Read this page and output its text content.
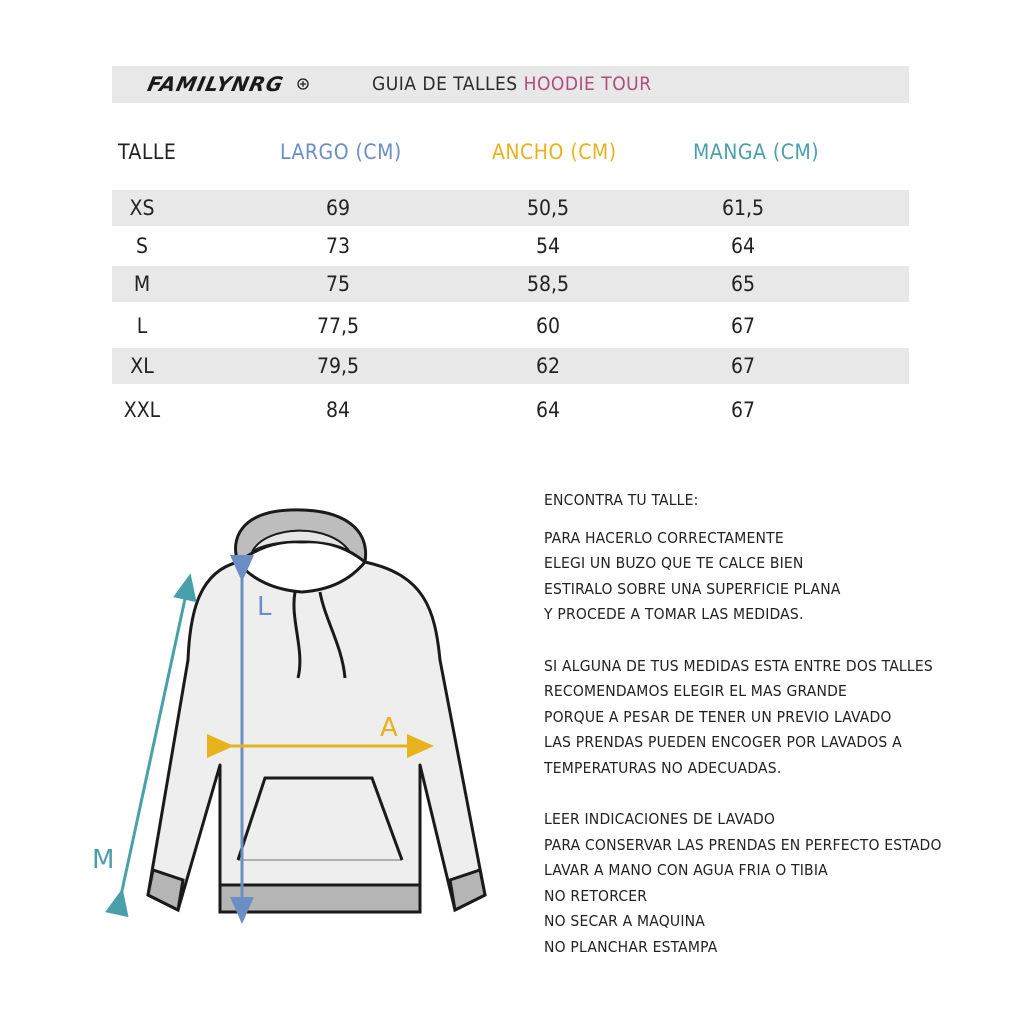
FAMILYNRG	GUIA DE TALLES HOODIE TOUR
TALLE	LARGO (CM)	ANCHO (CM)	MANGA (CM)
XS	69	50,5	61,5
S	73	54	64
M	75	58,5	65
L	77,5	60	67
XL	79,5	62	67
XXL	84	64	67
M
L
A
ENCONTRA TU TALLE:
PARA HACERLO CORRECTAMENTE
ELEGI UN BUZO QUE TE CALCE BIEN
ESTIRALO SOBRE UNA SUPERFICIE PLANA
Y PROCEDE A TOMAR LAS MEDIDAS.
SI ALGUNA DE TUS MEDIDAS ESTA ENTRE DOS TALLES
RECOMENDAMOS ELEGIR EL MAS GRANDE
PORQUE A PESAR DE TENER UN PREVIO LAVADO
LAS PRENDAS PUEDEN ENCOGER POR LAVADOS A
TEMPERATURAS NO ADECUADAS.
LEER INDICACIONES DE LAVADO
PARA CONSERVAR LAS PRENDAS EN PERFECTO ESTADO
LAVAR A MANO CON AGUA FRIA O TIBIA
NO RETORCER
NO SECAR A MAQUINA
NO PLANCHAR ESTAMPA
